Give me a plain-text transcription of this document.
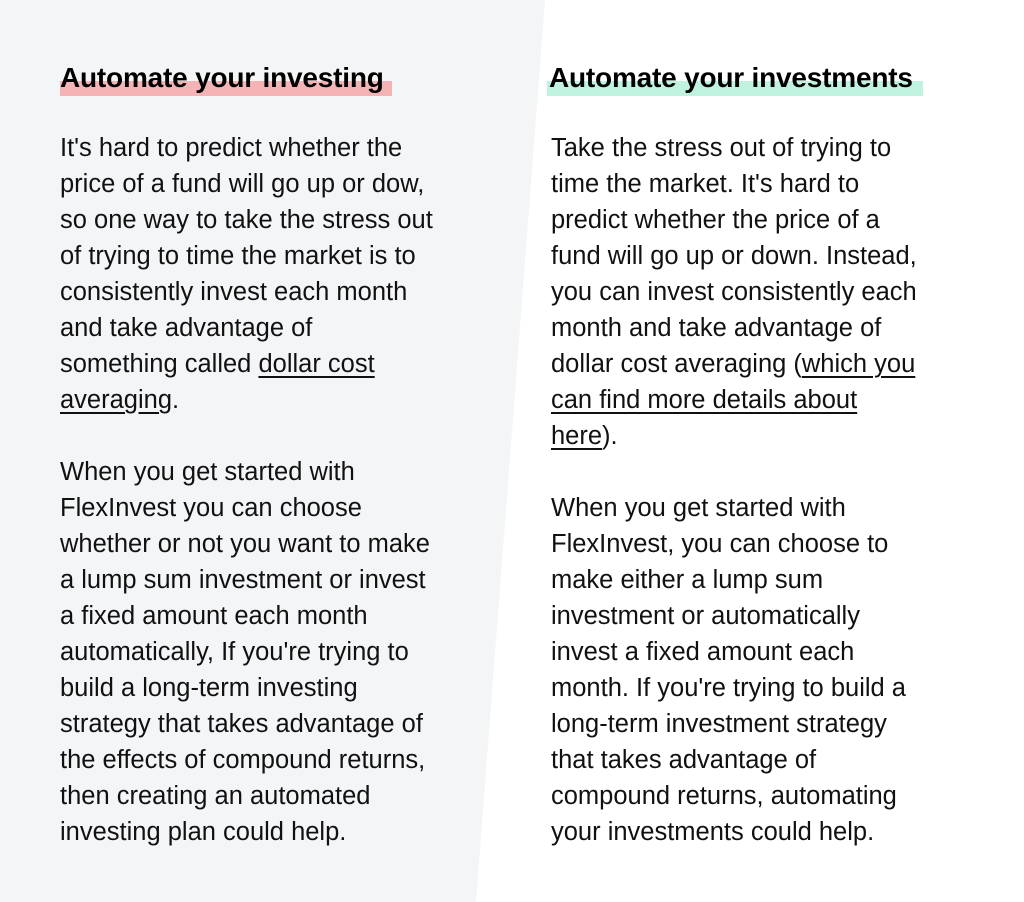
Automate your investing

It's hard to predict whether the
price of a fund will go up or dow,
so one way to take the stress out
of trying to time the market is to
consistently invest each month
and take advantage of
something called dollar cost
averaging.

When you get started with
FlexInvest you can choose
whether or not you want to make
a lump sum investment or invest
a fixed amount each month
automatically, If you're trying to
build a long-term investing
strategy that takes advantage of
the effects of compound returns,
then creating an automated
investing plan could help.

Automate your investments

Take the stress out of trying to
time the market. It's hard to
predict whether the price of a
fund will go up or down. Instead,
you can invest consistently each
month and take advantage of
dollar cost averaging (which you
can find more details about
here).

When you get started with
FlexInvest, you can choose to
make either a lump sum
investment or automatically
invest a fixed amount each
month. If you're trying to build a
long-term investment strategy
that takes advantage of
compound returns, automating
your investments could help.
